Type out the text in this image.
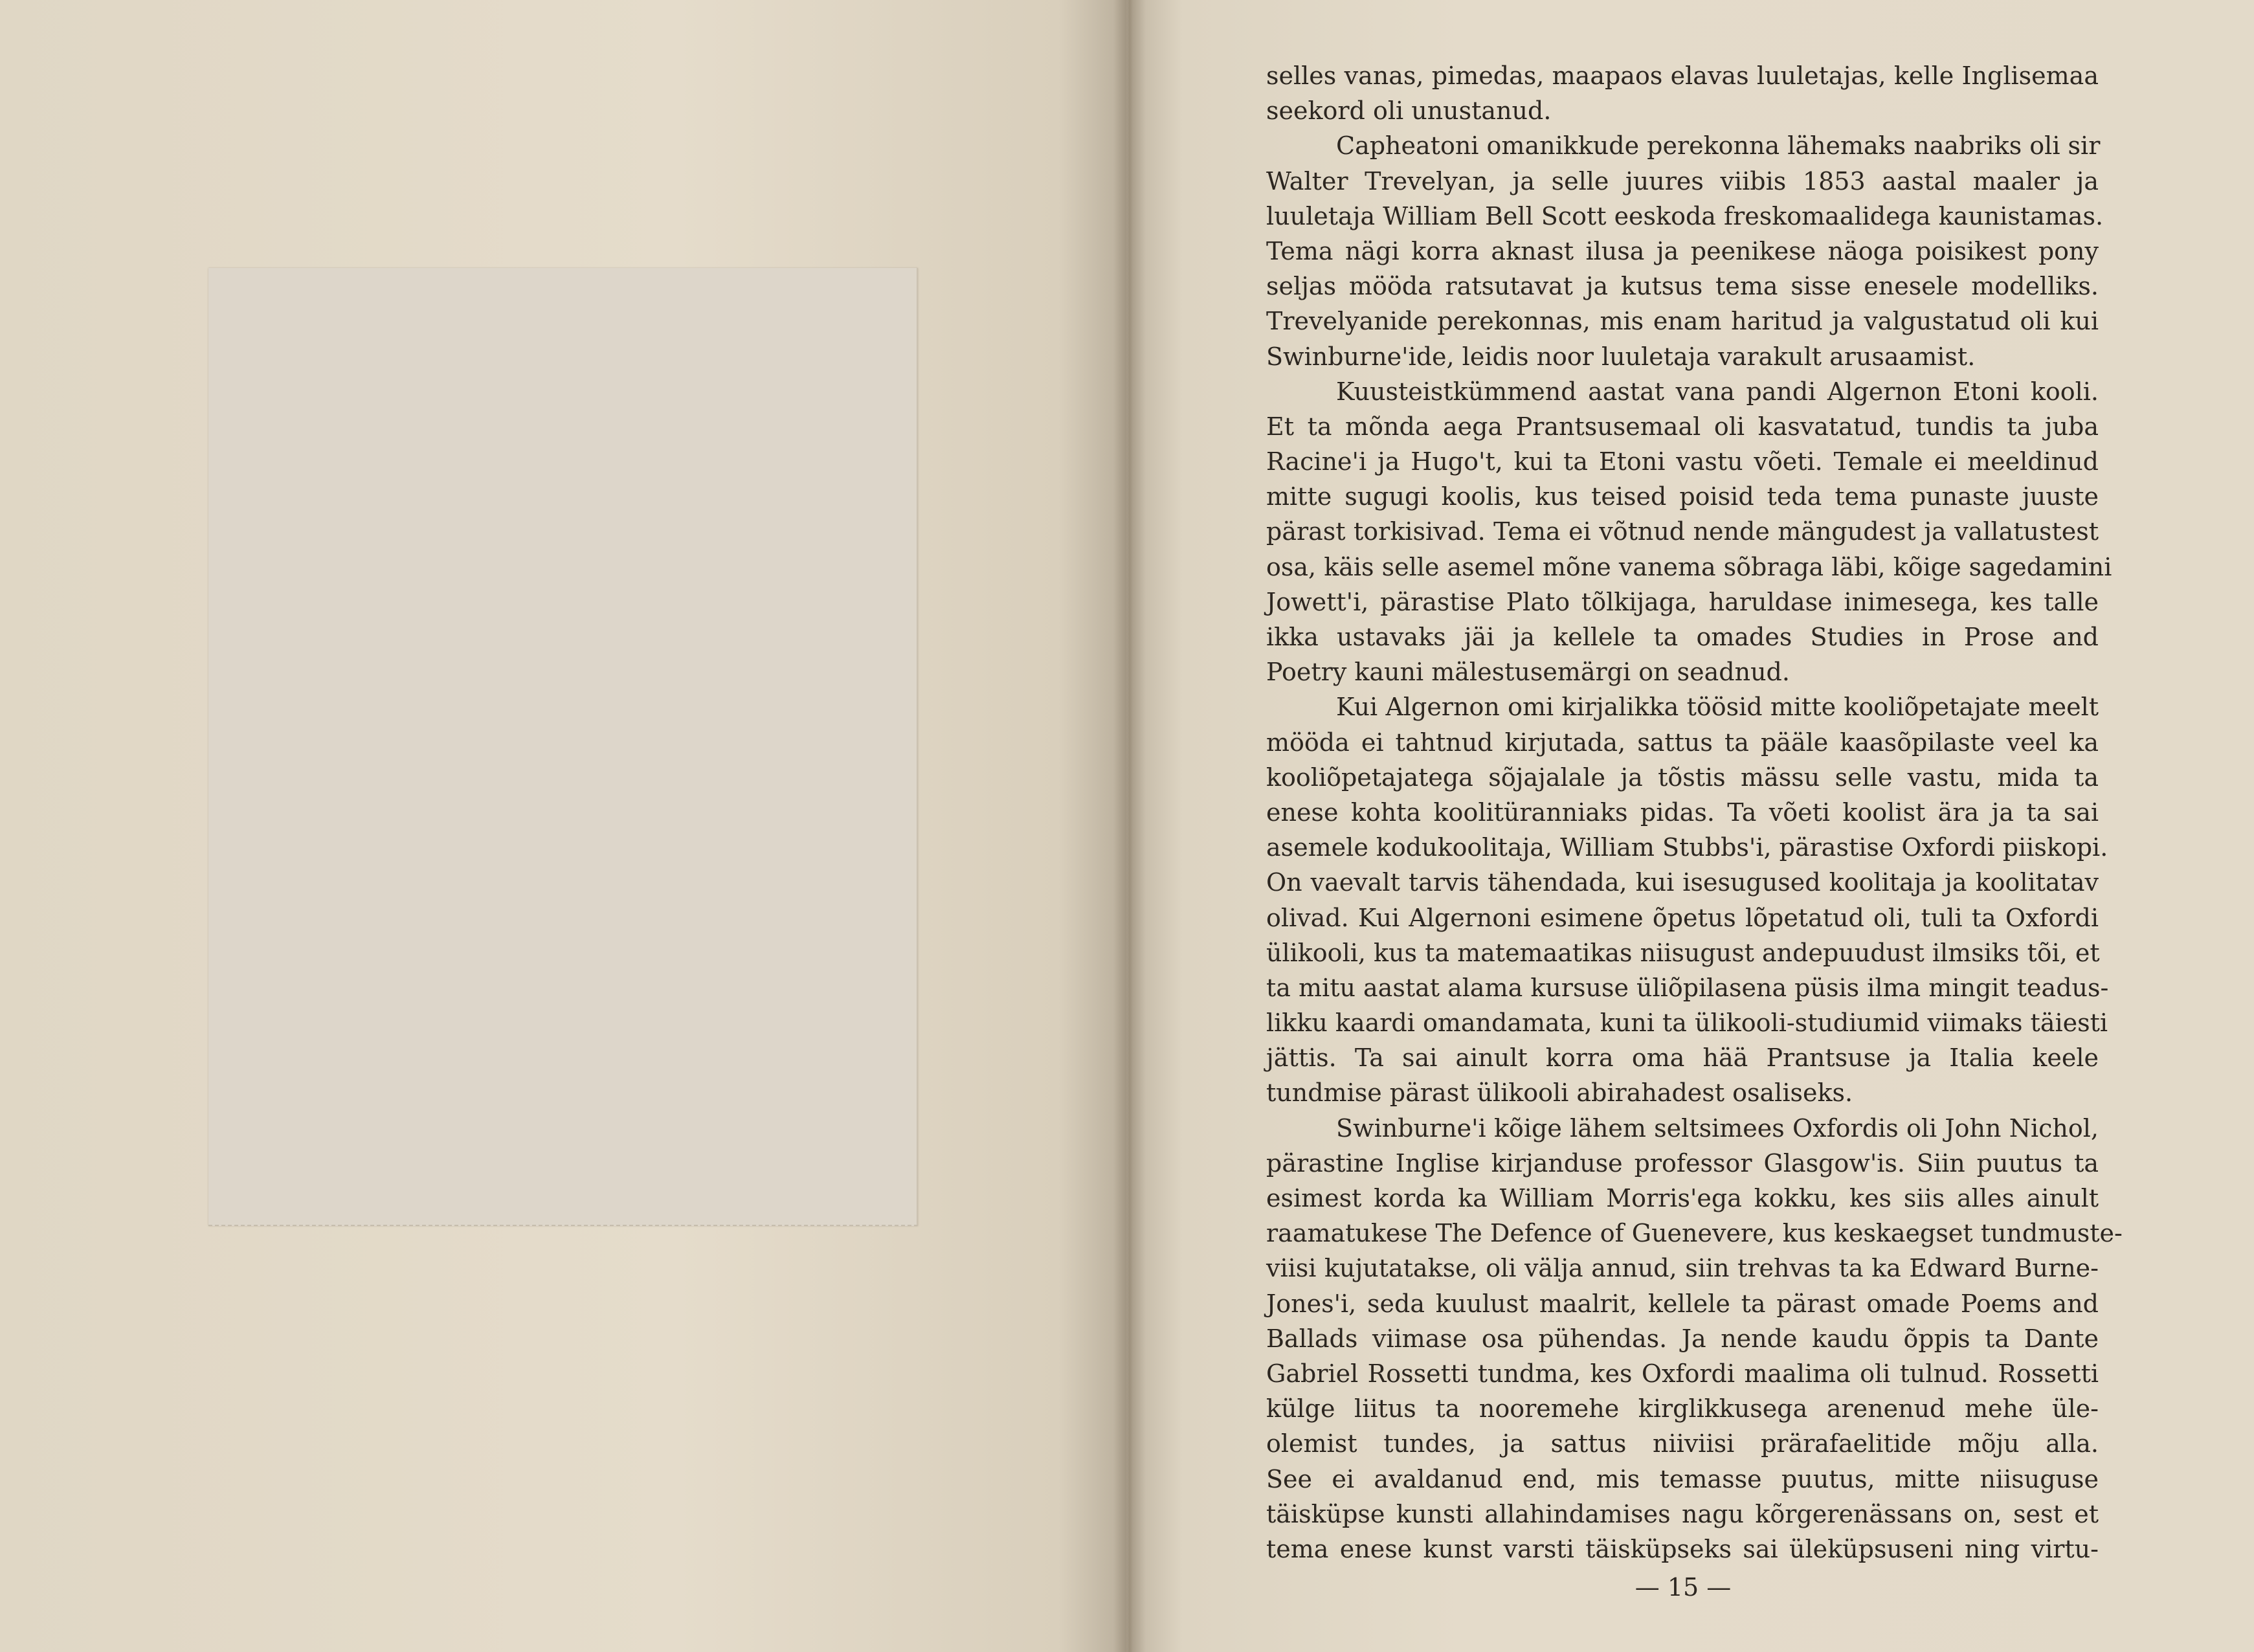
selles vanas, pimedas, maapaos elavas luuletajas, kelle Inglisemaa
seekord oli unustanud.
Capheatoni omanikkude perekonna lähemaks naabriks oli sir
Walter Trevelyan, ja selle juures viibis 1853 aastal maaler ja
luuletaja William Bell Scott eeskoda freskomaalidega kaunistamas.
Tema nägi korra aknast ilusa ja peenikese näoga poisikest pony
seljas mööda ratsutavat ja kutsus tema sisse enesele modelliks.
Trevelyanide perekonnas, mis enam haritud ja valgustatud oli kui
Swinburne'ide, leidis noor luuletaja varakult arusaamist.
Kuusteistkümmend aastat vana pandi Algernon Etoni kooli.
Et ta mõnda aega Prantsusemaal oli kasvatatud, tundis ta juba
Racine'i ja Hugo't, kui ta Etoni vastu võeti. Temale ei meeldinud
mitte sugugi koolis, kus teised poisid teda tema punaste juuste
pärast torkisivad. Tema ei võtnud nende mängudest ja vallatustest
osa, käis selle asemel mõne vanema sõbraga läbi, kõige sagedamini
Jowett'i, pärastise Plato tõlkijaga, haruldase inimesega, kes talle
ikka ustavaks jäi ja kellele ta omades Studies in Prose and
Poetry kauni mälestusemärgi on seadnud.
Kui Algernon omi kirjalikka töösid mitte kooliõpetajate meelt
mööda ei tahtnud kirjutada, sattus ta pääle kaasõpilaste veel ka
kooliõpetajatega sõjajalale ja tõstis mässu selle vastu, mida ta
enese kohta koolitüranniaks pidas. Ta võeti koolist ära ja ta sai
asemele kodukoolitaja, William Stubbs'i, pärastise Oxfordi piiskopi.
On vaevalt tarvis tähendada, kui isesugused koolitaja ja koolitatav
olivad. Kui Algernoni esimene õpetus lõpetatud oli, tuli ta Oxfordi
ülikooli, kus ta matemaatikas niisugust andepuudust ilmsiks tõi, et
ta mitu aastat alama kursuse üliõpilasena püsis ilma mingit teadus-
likku kaardi omandamata, kuni ta ülikooli-studiumid viimaks täiesti
jättis. Ta sai ainult korra oma hää Prantsuse ja Italia keele
tundmise pärast ülikooli abirahadest osaliseks.
Swinburne'i kõige lähem seltsimees Oxfordis oli John Nichol,
pärastine Inglise kirjanduse professor Glasgow'is. Siin puutus ta
esimest korda ka William Morris'ega kokku, kes siis alles ainult
raamatukese The Defence of Guenevere, kus keskaegset tundmuste-
viisi kujutatakse, oli välja annud, siin trehvas ta ka Edward Burne-
Jones'i, seda kuulust maalrit, kellele ta pärast omade Poems and
Ballads viimase osa pühendas. Ja nende kaudu õppis ta Dante
Gabriel Rossetti tundma, kes Oxfordi maalima oli tulnud. Rossetti
külge liitus ta nooremehe kirglikkusega arenenud mehe üle-
olemist tundes, ja sattus niiviisi prärafaelitide mõju alla.
See ei avaldanud end, mis temasse puutus, mitte niisuguse
täisküpse kunsti allahindamises nagu kõrgerenässans on, sest et
tema enese kunst varsti täisküpseks sai üleküpsuseni ning virtu-
— 15 —
